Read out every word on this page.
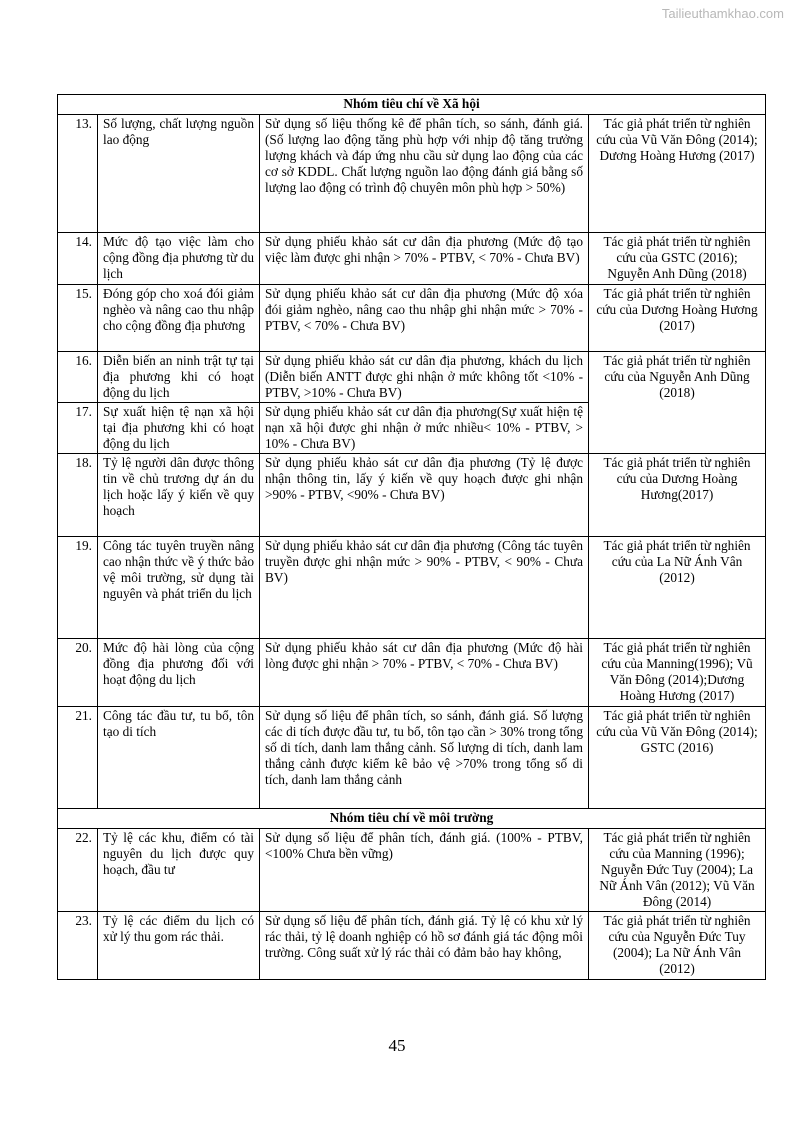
Tailieuthamkhao.com
Nhóm tiêu chí về Xã hội			
13.	Số lượng, chất lượng nguồn lao động	Sử dụng số liệu thống kê để phân tích, so sánh, đánh giá. (Số lượng lao động tăng phù hợp với nhịp độ tăng trưởng lượng khách và đáp ứng nhu cầu sử dụng lao động của các cơ sở KDDL. Chất lượng nguồn lao động đánh giá bằng số lượng lao động có trình độ chuyên môn phù hợp > 50%)	Tác giả phát triển từ nghiên cứu của Vũ Văn Đông (2014); Dương Hoàng Hương (2017)
14.	Mức độ tạo việc làm cho cộng đồng địa phương từ du lịch	Sử dụng phiếu khảo sát cư dân địa phương (Mức độ tạo việc làm được ghi nhận > 70% - PTBV, < 70% - Chưa BV)	Tác giả phát triển từ nghiên cứu của GSTC (2016); Nguyễn Anh Dũng (2018)
15.	Đóng góp cho xoá đói giảm nghèo và nâng cao thu nhập cho cộng đồng địa phương	Sử dụng phiếu khảo sát cư dân địa phương (Mức độ xóa đói giảm nghèo, nâng cao thu nhập ghi nhận mức > 70% - PTBV, < 70% - Chưa BV)	Tác giả phát triển từ nghiên cứu của Dương Hoàng Hương (2017)
16.	Diễn biến an ninh trật tự tại địa phương khi có hoạt động du lịch	Sử dụng phiếu khảo sát cư dân địa phương, khách du lịch (Diễn biến ANTT được ghi nhận ở mức không tốt <10% - PTBV, >10% - Chưa BV)	Tác giả phát triển từ nghiên cứu của Nguyễn Anh Dũng (2018)
17.	Sự xuất hiện tệ nạn xã hội tại địa phương khi có hoạt động du lịch	Sử dụng phiếu khảo sát cư dân địa phương(Sự xuất hiện tệ nạn xã hội được ghi nhận ở mức nhiều< 10% - PTBV, > 10% - Chưa BV)	
18.	Tỷ lệ người dân được thông tin về chủ trương dự án du lịch hoặc lấy ý kiến về quy hoạch	Sử dụng phiếu khảo sát cư dân địa phương (Tỷ lệ được nhận thông tin, lấy ý kiến về quy hoạch được ghi nhận >90% - PTBV, <90% - Chưa BV)	Tác giả phát triển từ nghiên cứu của Dương Hoàng Hương(2017)
19.	Công tác tuyên truyền nâng cao nhận thức về ý thức bảo vệ môi trường, sử dụng tài nguyên và phát triển du lịch	Sử dụng phiếu khảo sát cư dân địa phương (Công tác tuyên truyền được ghi nhận mức > 90% - PTBV, < 90% - Chưa BV)	Tác giả phát triển từ nghiên cứu của La Nữ Ánh Vân (2012)
20.	Mức độ hài lòng của cộng đồng địa phương đối với hoạt động du lịch	Sử dụng phiếu khảo sát cư dân địa phương (Mức độ hài lòng được ghi nhận > 70% - PTBV, < 70% - Chưa BV)	Tác giả phát triển từ nghiên cứu của Manning(1996); Vũ Văn Đông (2014);Dương Hoàng Hương (2017)
21.	Công tác đầu tư, tu bổ, tôn tạo di tích	Sử dụng số liệu để phân tích, so sánh, đánh giá. Số lượng các di tích được đầu tư, tu bổ, tôn tạo cần > 30% trong tổng số di tích, danh lam thắng cảnh. Số lượng di tích, danh lam thắng cảnh được kiểm kê bảo vệ >70% trong tổng số di tích, danh lam thắng cảnh	Tác giả phát triển từ nghiên cứu của Vũ Văn Đông (2014); GSTC (2016)
Nhóm tiêu chí về môi trường			
22.	Tỷ lệ các khu, điểm có tài nguyên du lịch được quy hoạch, đầu tư	Sử dụng số liệu để phân tích, đánh giá. (100% - PTBV, <100% Chưa bền vững)	Tác giả phát triển từ nghiên cứu của Manning (1996); Nguyễn Đức Tuy (2004); La Nữ Ánh Vân (2012); Vũ Văn Đông (2014)
23.	Tỷ lệ các điểm du lịch có xử lý thu gom rác thải.	Sử dụng số liệu để phân tích, đánh giá. Tỷ lệ có khu xử lý rác thải, tỷ lệ doanh nghiệp có hồ sơ đánh giá tác động môi trường. Công suất xử lý rác thải có đảm bảo hay không,	Tác giả phát triển từ nghiên cứu của Nguyễn Đức Tuy (2004); La Nữ Ánh Vân (2012)
45
